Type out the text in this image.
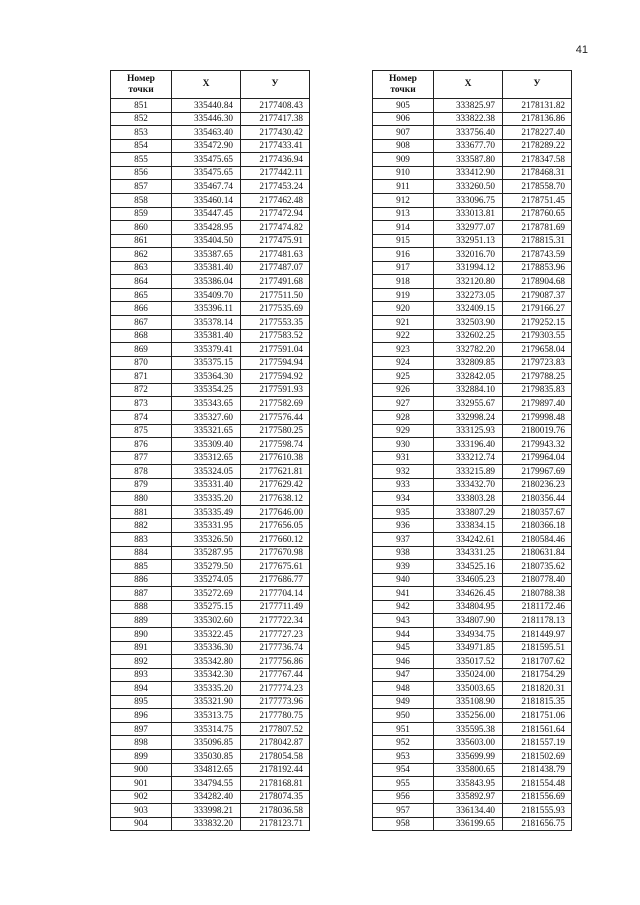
41
Номер
точки	X	У
851	335440.84	2177408.43
852	335446.30	2177417.38
853	335463.40	2177430.42
854	335472.90	2177433.41
855	335475.65	2177436.94
856	335475.65	2177442.11
857	335467.74	2177453.24
858	335460.14	2177462.48
859	335447.45	2177472.94
860	335428.95	2177474.82
861	335404.50	2177475.91
862	335387.65	2177481.63
863	335381.40	2177487.07
864	335386.04	2177491.68
865	335409.70	2177511.50
866	335396.11	2177535.69
867	335378.14	2177553.35
868	335381.40	2177583.52
869	335379.41	2177591.04
870	335375.15	2177594.94
871	335364.30	2177594.92
872	335354.25	2177591.93
873	335343.65	2177582.69
874	335327.60	2177576.44
875	335321.65	2177580.25
876	335309.40	2177598.74
877	335312.65	2177610.38
878	335324.05	2177621.81
879	335331.40	2177629.42
880	335335.20	2177638.12
881	335335.49	2177646.00
882	335331.95	2177656.05
883	335326.50	2177660.12
884	335287.95	2177670.98
885	335279.50	2177675.61
886	335274.05	2177686.77
887	335272.69	2177704.14
888	335275.15	2177711.49
889	335302.60	2177722.34
890	335322.45	2177727.23
891	335336.30	2177736.74
892	335342.80	2177756.86
893	335342.30	2177767.44
894	335335.20	2177774.23
895	335321.90	2177773.96
896	335313.75	2177780.75
897	335314.75	2177807.52
898	335096.85	2178042.87
899	335030.85	2178054.58
900	334812.65	2178192.44
901	334794.55	2178168.81
902	334282.40	2178074.35
903	333998.21	2178036.58
904	333832.20	2178123.71
Номер
точки	X	У
905	333825.97	2178131.82
906	333822.38	2178136.86
907	333756.40	2178227.40
908	333677.70	2178289.22
909	333587.80	2178347.58
910	333412.90	2178468.31
911	333260.50	2178558.70
912	333096.75	2178751.45
913	333013.81	2178760.65
914	332977.07	2178781.69
915	332951.13	2178815.31
916	332016.70	2178743.59
917	331994.12	2178853.96
918	332120.80	2178904.68
919	332273.05	2179087.37
920	332409.15	2179166.27
921	332503.90	2179252.15
922	332602.25	2179303.55
923	332782.20	2179658.04
924	332809.85	2179723.83
925	332842.05	2179788.25
926	332884.10	2179835.83
927	332955.67	2179897.40
928	332998.24	2179998.48
929	333125.93	2180019.76
930	333196.40	2179943.32
931	333212.74	2179964.04
932	333215.89	2179967.69
933	333432.70	2180236.23
934	333803.28	2180356.44
935	333807.29	2180357.67
936	333834.15	2180366.18
937	334242.61	2180584.46
938	334331.25	2180631.84
939	334525.16	2180735.62
940	334605.23	2180778.40
941	334626.45	2180788.38
942	334804.95	2181172.46
943	334807.90	2181178.13
944	334934.75	2181449.97
945	334971.85	2181595.51
946	335017.52	2181707.62
947	335024.00	2181754.29
948	335003.65	2181820.31
949	335108.90	2181815.35
950	335256.00	2181751.06
951	335595.38	2181561.64
952	335603.00	2181557.19
953	335699.99	2181502.69
954	335800.65	2181438.79
955	335843.95	2181554.48
956	335892.97	2181556.69
957	336134.40	2181555.93
958	336199.65	2181656.75
